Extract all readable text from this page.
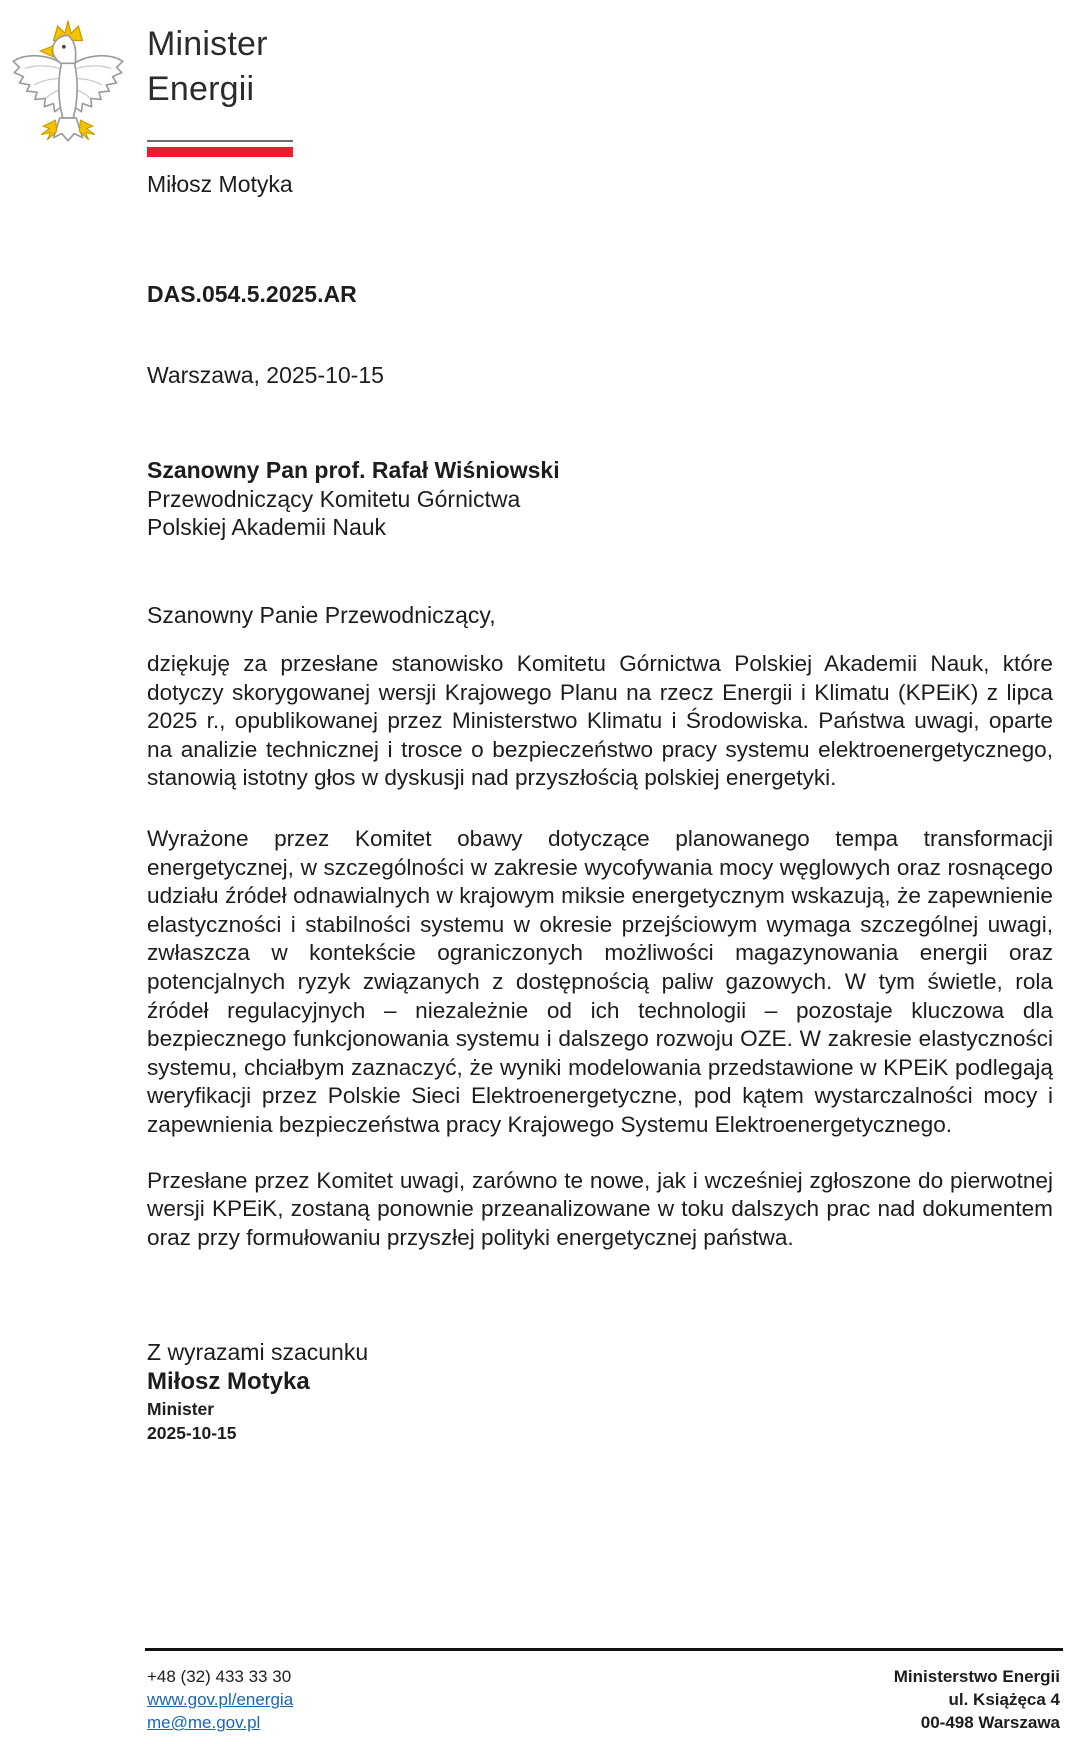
Minister
Energii
Miłosz Motyka
DAS.054.5.2025.AR
Warszawa, 2025-10-15
Szanowny Pan prof. Rafał Wiśniowski
Przewodniczący Komitetu Górnictwa
Polskiej Akademii Nauk
Szanowny Panie Przewodniczący,

dziękuję za przesłane stanowisko Komitetu Górnictwa Polskiej Akademii Nauk, które dotyczy skorygowanej wersji Krajowego Planu na rzecz Energii i Klimatu (KPEiK) z lipca 2025 r., opublikowanej przez Ministerstwo Klimatu i Środowiska. Państwa uwagi, oparte na analizie technicznej i trosce o bezpieczeństwo pracy systemu elektroenergetycznego, stanowią istotny głos w dyskusji nad przyszłością polskiej energetyki.

Wyrażone przez Komitet obawy dotyczące planowanego tempa transformacji energetycznej, w szczególności w zakresie wycofywania mocy węglowych oraz rosnącego udziału źródeł odnawialnych w krajowym miksie energetycznym wskazują, że zapewnienie elastyczności i stabilności systemu w okresie przejściowym wymaga szczególnej uwagi, zwłaszcza w kontekście ograniczonych możliwości magazynowania energii oraz potencjalnych ryzyk związanych z dostępnością paliw gazowych. W tym świetle, rola źródeł regulacyjnych – niezależnie od ich technologii – pozostaje kluczowa dla bezpiecznego funkcjonowania systemu i dalszego rozwoju OZE. W zakresie elastyczności systemu, chciałbym zaznaczyć, że wyniki modelowania przedstawione w KPEiK podlegają weryfikacji przez Polskie Sieci Elektroenergetyczne, pod kątem wystarczalności mocy i zapewnienia bezpieczeństwa pracy Krajowego Systemu Elektroenergetycznego.

Przesłane przez Komitet uwagi, zarówno te nowe, jak i wcześniej zgłoszone do pierwotnej wersji KPEiK, zostaną ponownie przeanalizowane w toku dalszych prac nad dokumentem oraz przy formułowaniu przyszłej polityki energetycznej państwa.

Z wyrazami szacunku
Miłosz Motyka
Minister
2025-10-15
+48 (32) 433 33 30
www.gov.pl/energia
me@me.gov.pl
Ministerstwo Energii
ul. Książęca 4
00-498 Warszawa
